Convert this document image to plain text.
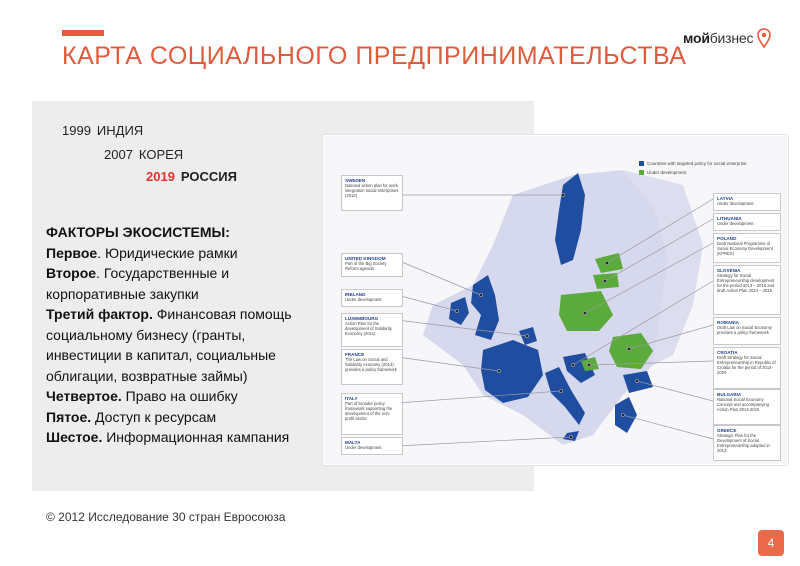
КАРТА СОЦИАЛЬНОГО ПРЕДПРИНИМАТЕЛЬСТВА
мойбизнес
1999 ИНДИЯ
2007 КОРЕЯ
2019 РОССИЯ
ФАКТОРЫ ЭКОСИСТЕМЫ:
Первое. Юридические рамки
Второе. Государственные и
корпоративные закупки
Третий фактор. Финансовая помощь
социальному бизнесу (гранты,
инвестиции в капитал, социальные
облигации, возвратные займы)
Четвертое. Право на ошибку
Пятое. Доступ к ресурсам
Шестое. Информационная кампания
Countries with targeted policy for social enterprise
Under development
SWEDEN
National action plan for work integration social enterprises (2010)
UNITED KINGDOM
Part of the Big Society Reform agenda
IRELAND
Under development
LUXEMBOURG
Action Plan for the development of Solidarity Economy (2011)
FRANCE
The Law on Social and Solidarity economy (2014) provides a policy framework
ITALY
Part of broader policy framework supporting the development of the non-profit sector
MALTA
Under development
LATVIA
Under development
LITHUANIA
Under development
POLAND
Draft National Programme of Social Economy Development (KPRES)
SLOVENIA
Strategy for Social Entrepreneurship development for the period 2013 – 2016 and draft Action Plan 2014 – 2015
ROMANIA
Draft Law on Social Economy provides a policy framework
CROATIA
Draft Strategy for Social Entrepreneurship in Republic of Croatia for the period of 2014-2020
BULGARIA
National Social Economy Concept and accompanying Action Plan 2014-2015
GREECE
Strategic Plan for the Development of Social Entrepreneurship adopted in 2013
© 2012 Исследование 30 стран Евросоюза
4
